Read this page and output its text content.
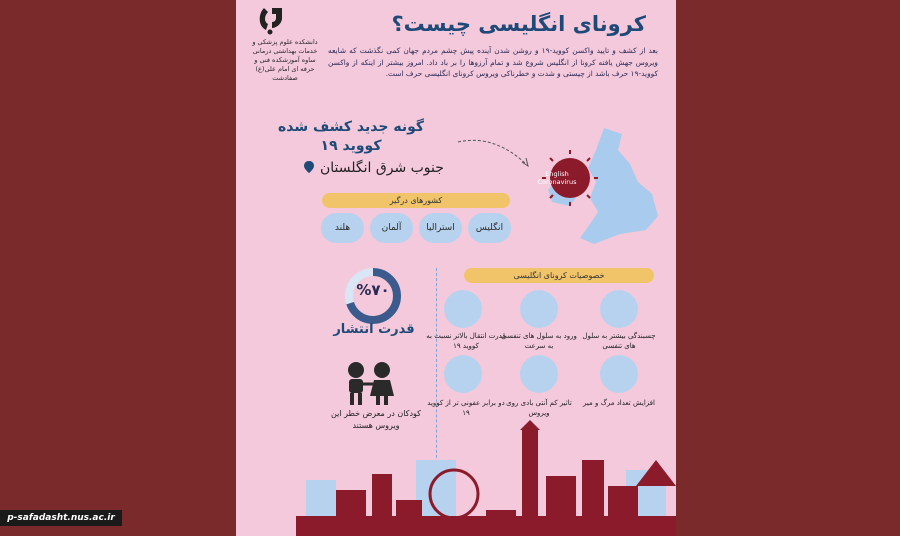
دانشکده علوم پزشکی و خدمات بهداشتی درمانی ساوه آموزشکده فنی و حرفه ای امام علی(ع) صفادشت
کرونای انگلیسی چیست؟
بعد از کشف و تایید واکسن کووید-۱۹ و روشن شدن آینده پیش چشم مردم جهان کمی نگذشت که شایعه ویروس جهش یافته کرونا از انگلیس شروع شد و تمام آرزوها را بر باد داد. امروز بیشتر از اینکه از واکسن کووید-۱۹ حرف باشد از چیستی و شدت و خطرناکی ویروس کرونای انگلیسی حرف است.
گونه جدید کشف شده کووید ۱۹
جنوب شرق انگلستان	English Coronavirus
کشورهای درگیر
انگلیس
استرالیا
آلمان
هلند
%۷۰
قدرت انتشار
کودکان در معرض خطر این ویروس هستند
خصوصیات کرونای انگلیسی
چسبندگی بیشتر به سلول های تنفسی
ورود به سلول های تنفسی به سرعت
قدرت انتقال بالاتر نسبت به کووید ۱۹
افزایش تعداد مرگ و میر
تاثیر کم آنتی بادی روی ویروس
دو برابر عفونی تر از کووید ۱۹
p-safadasht.nus.ac.ir
